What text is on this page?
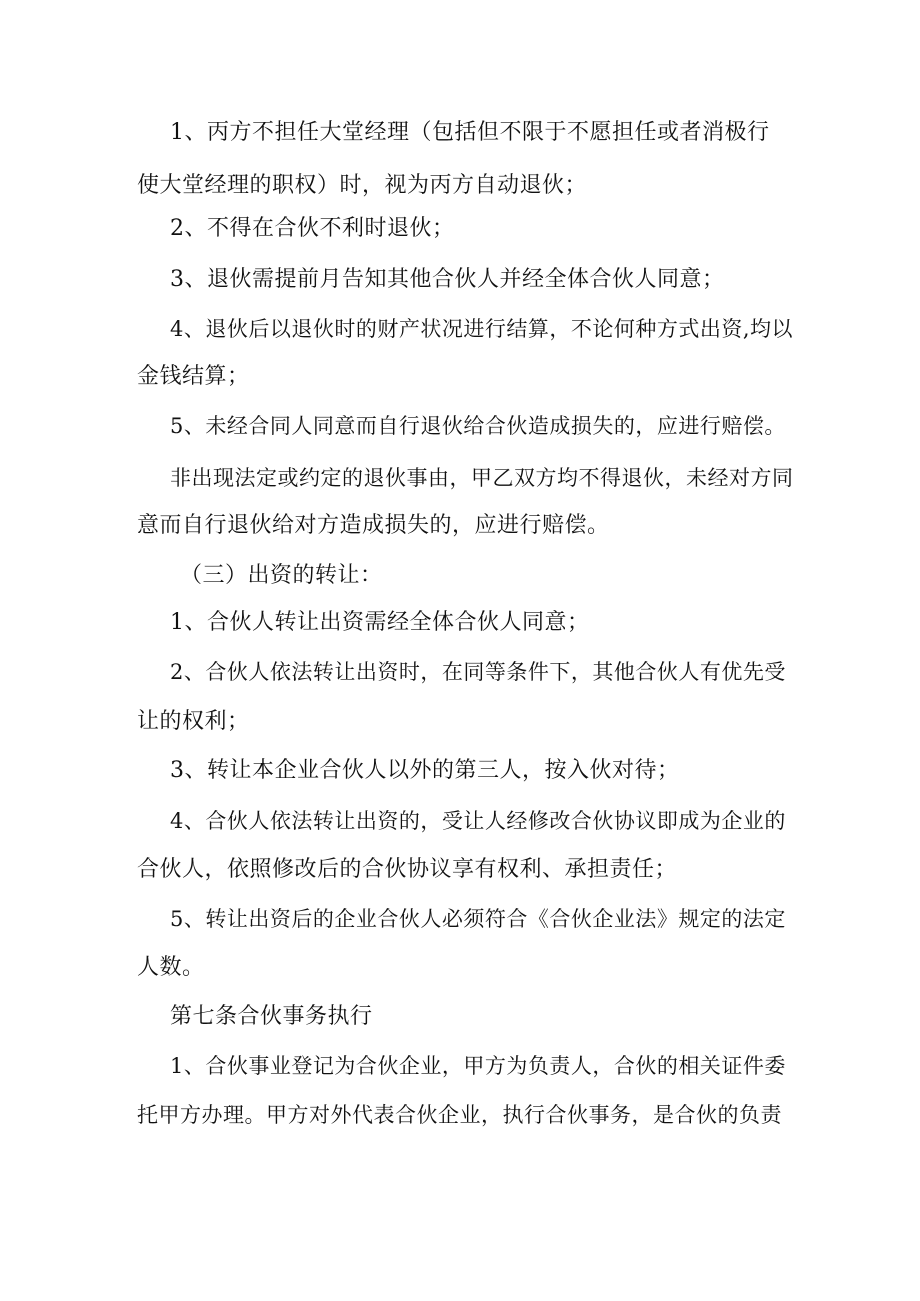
1、丙方不担任大堂经理（包括但不限于不愿担任或者消极行
使大堂经理的职权）时，视为丙方自动退伙；
2、不得在合伙不利时退伙；
3、退伙需提前月告知其他合伙人并经全体合伙人同意；
4、退伙后以退伙时的财产状况进行结算，不论何种方式出资,均以
金钱结算；
5、未经合同人同意而自行退伙给合伙造成损失的，应进行赔偿。
非出现法定或约定的退伙事由，甲乙双方均不得退伙，未经对方同
意而自行退伙给对方造成损失的，应进行赔偿。
（三）出资的转让：
1、合伙人转让出资需经全体合伙人同意；
2、合伙人依法转让出资时，在同等条件下，其他合伙人有优先受
让的权利；
3、转让本企业合伙人以外的第三人，按入伙对待；
4、合伙人依法转让出资的，受让人经修改合伙协议即成为企业的
合伙人，依照修改后的合伙协议享有权利、承担责任；
5、转让出资后的企业合伙人必须符合《合伙企业法》规定的法定
人数。
第七条合伙事务执行
1、合伙事业登记为合伙企业，甲方为负责人，合伙的相关证件委
托甲方办理。甲方对外代表合伙企业，执行合伙事务，是合伙的负责
